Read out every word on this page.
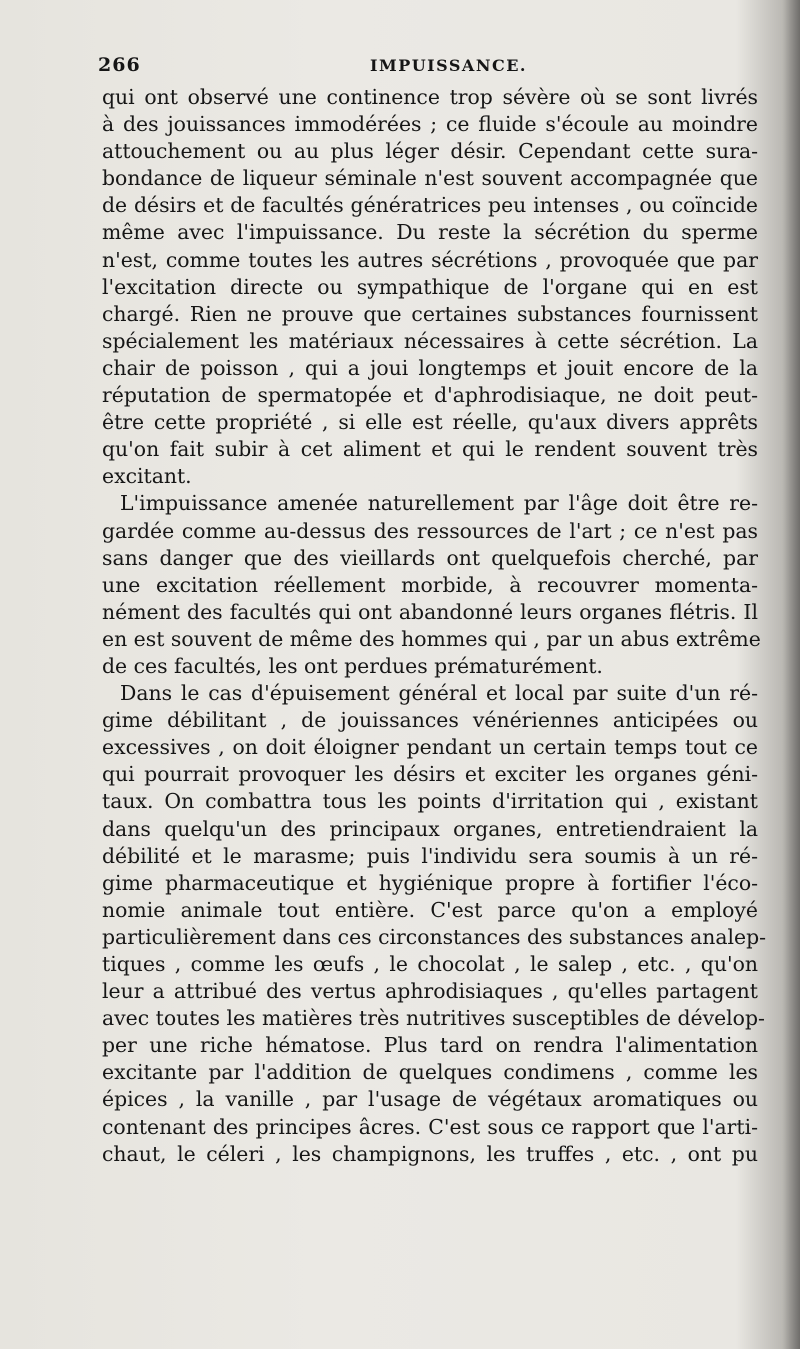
266	IMPUISSANCE.
qui ont observé une continence trop sévère où se sont livrés
à des jouissances immodérées ; ce fluide s'écoule au moindre
attouchement ou au plus léger désir. Cependant cette sura-
bondance de liqueur séminale n'est souvent accompagnée que
de désirs et de facultés génératrices peu intenses , ou coïncide
même avec l'impuissance. Du reste la sécrétion du sperme
n'est, comme toutes les autres sécrétions , provoquée que par
l'excitation directe ou sympathique de l'organe qui en est
chargé. Rien ne prouve que certaines substances fournissent
spécialement les matériaux nécessaires à cette sécrétion. La
chair de poisson , qui a joui longtemps et jouit encore de la
réputation de spermatopée et d'aphrodisiaque, ne doit peut-
être cette propriété , si elle est réelle, qu'aux divers apprêts
qu'on fait subir à cet aliment et qui le rendent souvent très
excitant.
L'impuissance amenée naturellement par l'âge doit être re-
gardée comme au-dessus des ressources de l'art ; ce n'est pas
sans danger que des vieillards ont quelquefois cherché, par
une excitation réellement morbide, à recouvrer momenta-
nément des facultés qui ont abandonné leurs organes flétris. Il
en est souvent de même des hommes qui , par un abus extrême
de ces facultés, les ont perdues prématurément.
Dans le cas d'épuisement général et local par suite d'un ré-
gime débilitant , de jouissances vénériennes anticipées ou
excessives , on doit éloigner pendant un certain temps tout ce
qui pourrait provoquer les désirs et exciter les organes géni-
taux. On combattra tous les points d'irritation qui , existant
dans quelqu'un des principaux organes, entretiendraient la
débilité et le marasme; puis l'individu sera soumis à un ré-
gime pharmaceutique et hygiénique propre à fortifier l'éco-
nomie animale tout entière. C'est parce qu'on a employé
particulièrement dans ces circonstances des substances analep-
tiques , comme les œufs , le chocolat , le salep , etc. , qu'on
leur a attribué des vertus aphrodisiaques , qu'elles partagent
avec toutes les matières très nutritives susceptibles de dévelop-
per une riche hématose. Plus tard on rendra l'alimentation
excitante par l'addition de quelques condimens , comme les
épices , la vanille , par l'usage de végétaux aromatiques ou
contenant des principes âcres. C'est sous ce rapport que l'arti-
chaut, le céleri , les champignons, les truffes , etc. , ont pu
